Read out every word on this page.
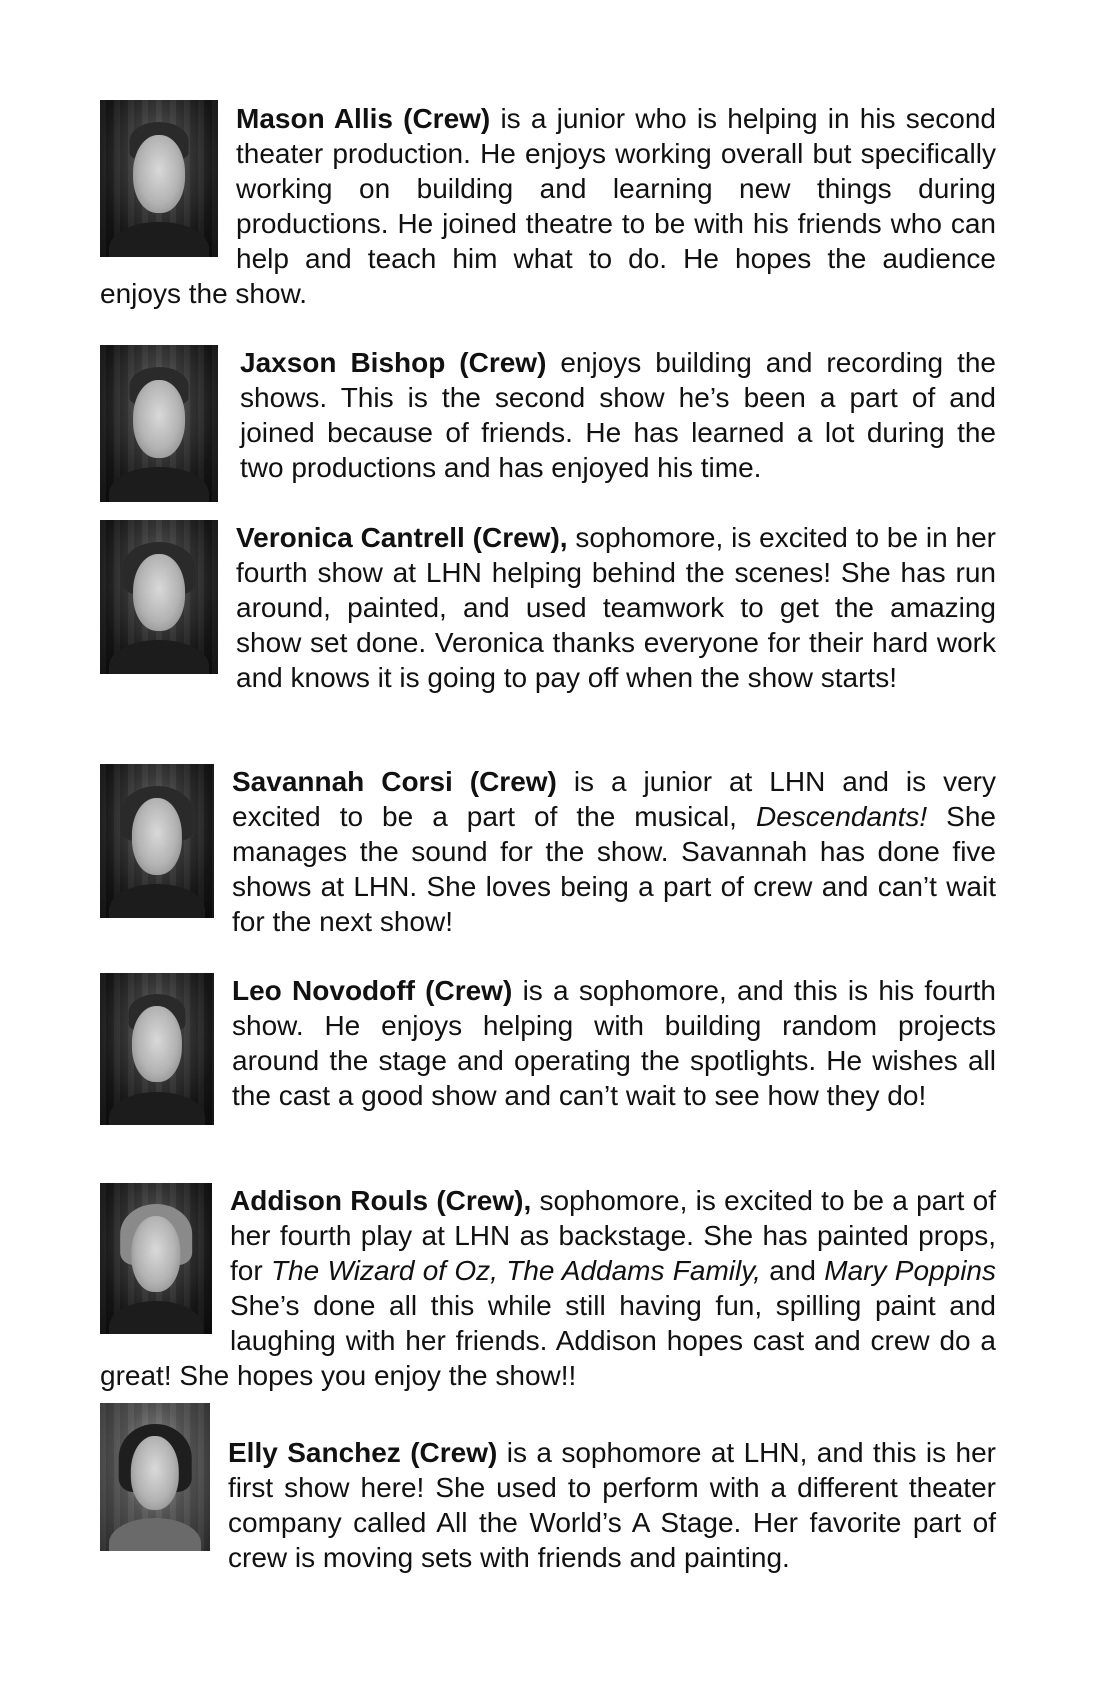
Mason Allis (Crew) is a junior who is helping in his second theater production. He enjoys working overall but specifically working on building and learning new things during productions. He joined theatre to be with his friends who can help and teach him what to do. He hopes the audience enjoys the show.

Jaxson Bishop (Crew) enjoys building and recording the shows. This is the second show he’s been a part of and joined because of friends. He has learned a lot during the two productions and has enjoyed his time.

Veronica Cantrell (Crew), sophomore, is excited to be in her fourth show at LHN helping behind the scenes! She has run around, painted, and used teamwork to get the amazing show set done. Veronica thanks everyone for their hard work and knows it is going to pay off when the show starts!

Savannah Corsi (Crew) is a junior at LHN and is very excited to be a part of the musical, Descendants! She manages the sound for the show. Savannah has done five shows at LHN. She loves being a part of crew and can’t wait for the next show!

Leo Novodoff (Crew) is a sophomore, and this is his fourth show. He enjoys helping with building random projects around the stage and operating the spotlights. He wishes all the cast a good show and can’t wait to see how they do!

Addison Rouls (Crew), sophomore, is excited to be a part of her fourth play at LHN as backstage. She has painted props, for The Wizard of Oz, The Addams Family, and Mary Poppins She’s done all this while still having fun, spilling paint and laughing with her friends. Addison hopes cast and crew do a great! She hopes you enjoy the show!!

Elly Sanchez (Crew) is a sophomore at LHN, and this is her first show here! She used to perform with a different theater company called All the World’s A Stage. Her favorite part of crew is moving sets with friends and painting.
